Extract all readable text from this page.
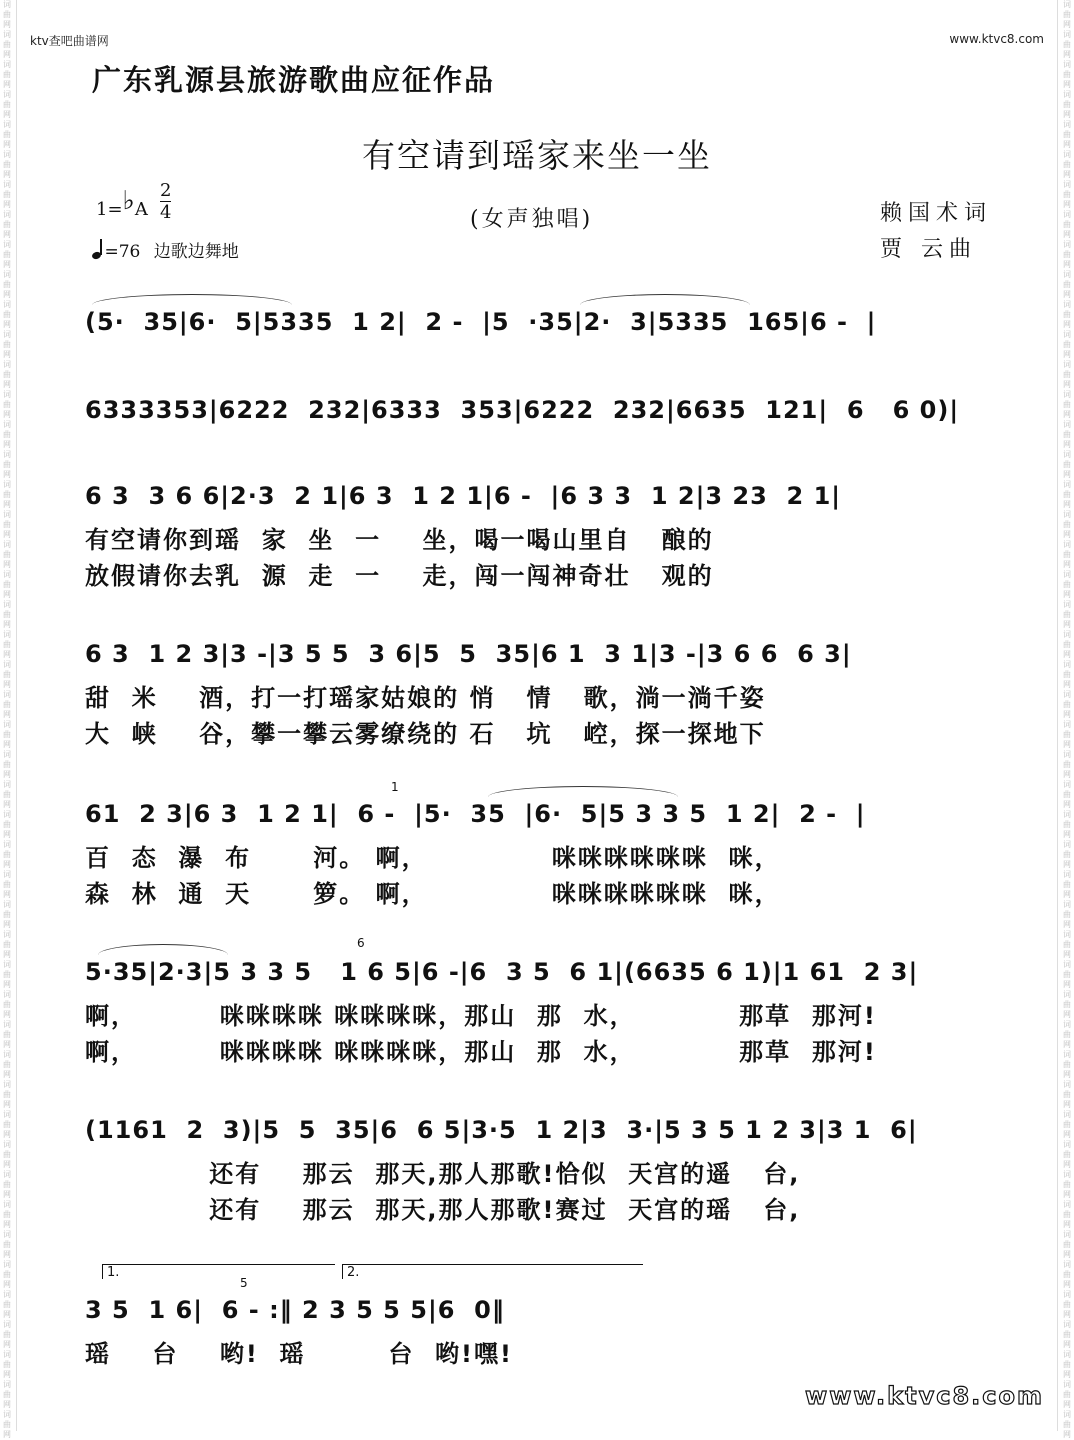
词曲网
词曲网
词曲网
词曲网
词曲网
词曲网
词曲网
词曲网
词曲网
词曲网
词曲网
词曲网
词曲网
词曲网
词曲网
词曲网
词曲网
词曲网
词曲网
词曲网
词曲网
词曲网
词曲网
词曲网
词曲网
词曲网
词曲网
词曲网
词曲网
词曲网
词曲网
词曲网
词曲网
词曲网
词曲网
词曲网
词曲网
词曲网
词曲网
词曲网
词曲网
词曲网
词曲网
词曲网
词曲网
词曲网
词曲网
词曲网

词曲网
词曲网
词曲网
词曲网
词曲网
词曲网
词曲网
词曲网
词曲网
词曲网
词曲网
词曲网
词曲网
词曲网
词曲网
词曲网
词曲网
词曲网
词曲网
词曲网
词曲网
词曲网
词曲网
词曲网
词曲网
词曲网
词曲网
词曲网
词曲网
词曲网
词曲网
词曲网
词曲网
词曲网
词曲网
词曲网
词曲网
词曲网
词曲网
词曲网
词曲网
词曲网
词曲网
词曲网
词曲网
词曲网
词曲网
词曲网

ktv查吧曲谱网	www.ktvc8.com
广东乳源县旅游歌曲应征作品
有空请到瑶家来坐一坐
1=♭A
2
4
=76 边歌边舞地
(女声独唱)	赖国术词
贾 云曲
(5·  35|6·  5|5335  1 2|  2 -  |5  ·35|2·  3|5335  165|6 -  |
6333353|6222  232|6333  353|6222  232|6635  121|  6   6 0)|
6 3  3 6 6|2·3  2 1|6 3  1 2 1|6 -  |6 3 3  1 2|3 23  2 1|
有空请你到瑶  家  坐  一    坐，喝一喝山里自   酿的
放假请你去乳  源  走  一    走，闯一闯神奇壮   观的
6 3  1 2 3|3 -|3 5 5  3 6|5  5  35|6 1  3 1|3 -|3 6 6  6 3|
甜  米    酒，打一打瑶家姑娘的 悄   情   歌，淌一淌千姿
大  峡    谷，攀一攀云雾缭绕的 石   坑   崆，探一探地下
61  2 3|6 3  1 2 1|  6 -  |5·  35  |6·  5|5 3 3 5  1 2|  2 -  |
1
百  态  瀑  布      河。 啊，            咪咪咪咪咪咪  咪，
森  林  通  天      箩。 啊，            咪咪咪咪咪咪  咪，
5·35|2·3|5 3 3 5   1 6 5|6 -|6  3 5  6 1|(6635 6 1)|1 61  2 3|
6
啊，        咪咪咪咪 咪咪咪咪，那山  那  水，          那草  那河!
啊，        咪咪咪咪 咪咪咪咪，那山  那  水，          那草  那河!
(1161  2  3)|5  5  35|6  6 5|3·5  1 2|3  3·|5 3 5 1 2 3|3 1  6|
还有    那云  那天,那人那歌!恰似  天宫的遥   台,
还有    那云  那天,那人那歌!赛过  天宫的瑶   台,
1.	2.
3 5  1 6|  6 - :‖ 2 3 5 5 5|6  0‖
5
瑶    台    哟!  瑶        台  哟!嘿!
www.ktvc8.com
